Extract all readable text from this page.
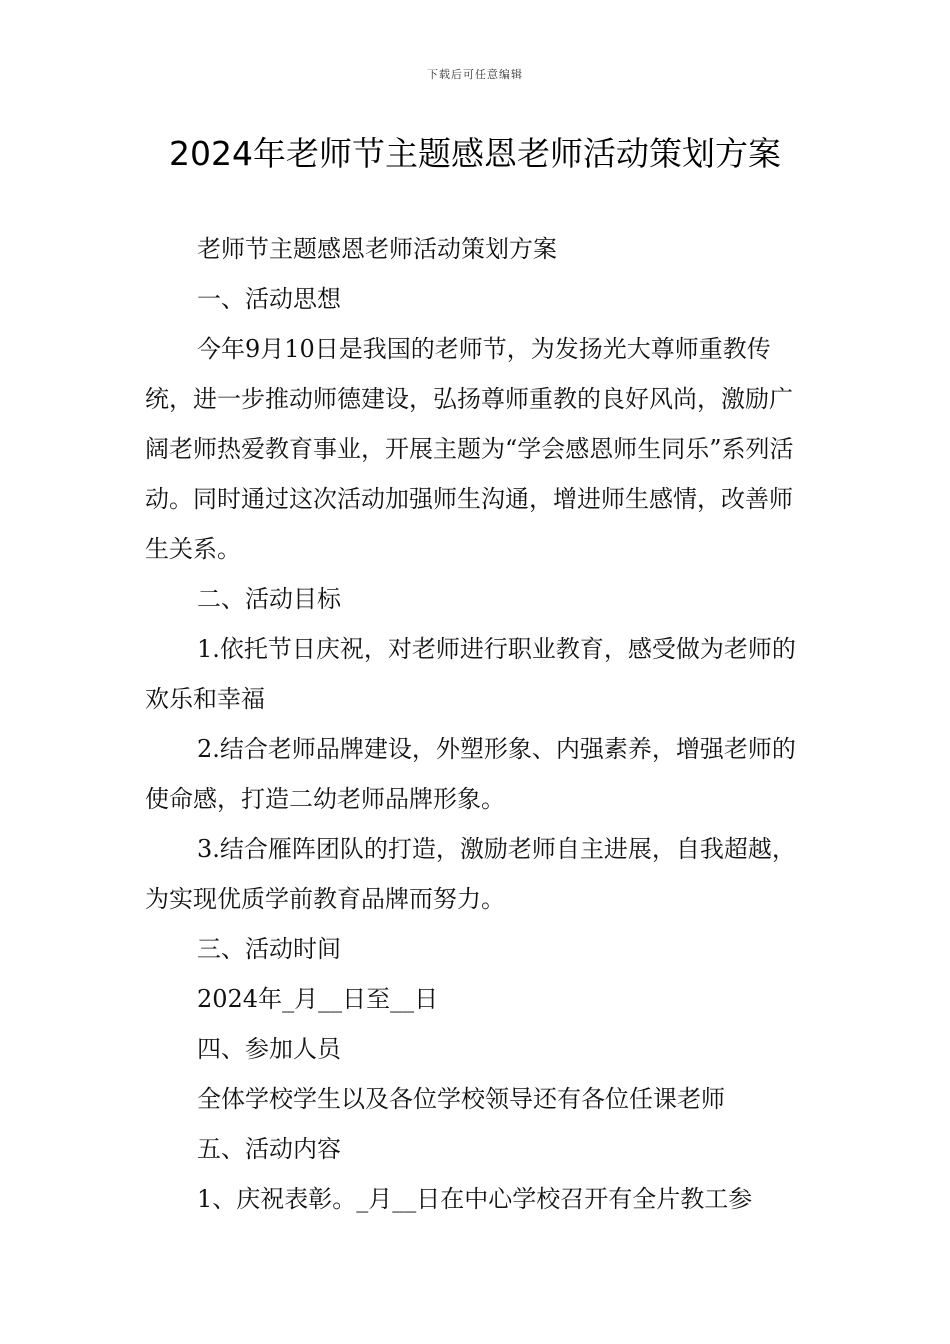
下载后可任意编辑
2024年老师节主题感恩老师活动策划方案

老师节主题感恩老师活动策划方案

一、活动思想

今年9月10日是我国的老师节，为发扬光大尊师重教传统，进一步推动师德建设，弘扬尊师重教的良好风尚，激励广阔老师热爱教育事业，开展主题为“学会感恩师生同乐”系列活动。同时通过这次活动加强师生沟通，增进师生感情，改善师生关系。

二、活动目标

1.依托节日庆祝，对老师进行职业教育，感受做为老师的欢乐和幸福

2.结合老师品牌建设，外塑形象、内强素养，增强老师的使命感，打造二幼老师品牌形象。

3.结合雁阵团队的打造，激励老师自主进展，自我超越，为实现优质学前教育品牌而努力。

三、活动时间

2024年_月__日至__日

四、参加人员

全体学校学生以及各位学校领导还有各位任课老师

五、活动内容

1、庆祝表彰。_月__日在中心学校召开有全片教工参
